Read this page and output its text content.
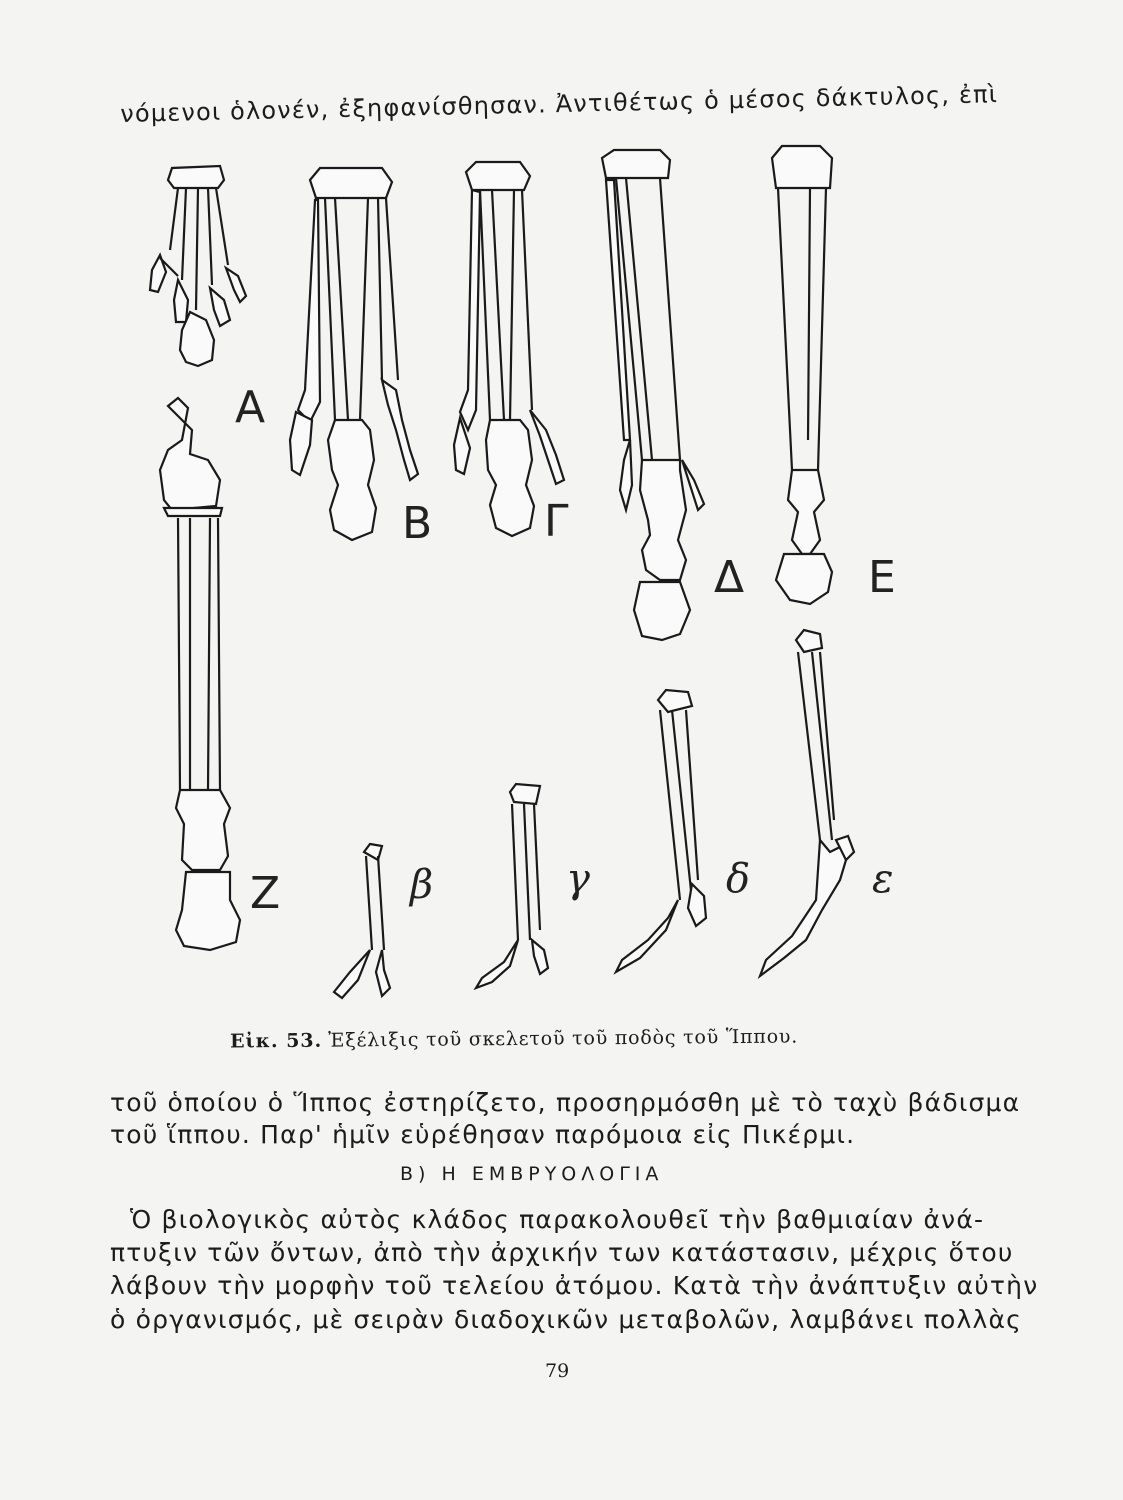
νόμενοι ὁλονέν, ἐξηφανίσθησαν. Ἀντιθέτως ὁ μέσος δάκτυλος, ἐπὶ
Α
Β	Γ
Δ	Ε
Ζ	β	γ	δ	ε
Εἰκ. 53. Ἐξέλιξις τοῦ σκελετοῦ τοῦ ποδὸς τοῦ Ἵππου.
τοῦ ὁποίου ὁ Ἵππος ἐστηρίζετο, προσηρμόσθη μὲ τὸ ταχὺ βάδισμα
τοῦ ἵππου. Παρ' ἡμῖν εὑρέθησαν παρόμοια εἰς Πικέρμι.
Β) Η ΕΜΒΡΥΟΛΟΓΙΑ
Ὁ βιολογικὸς αὐτὸς κλάδος παρακολουθεῖ τὴν βαθμιαίαν ἀνά-
πτυξιν τῶν ὄντων, ἀπὸ τὴν ἀρχικήν των κατάστασιν, μέχρις ὅτου
λάβουν τὴν μορφὴν τοῦ τελείου ἀτόμου. Κατὰ τὴν ἀνάπτυξιν αὐτὴν
ὁ ὀργανισμός, μὲ σειρὰν διαδοχικῶν μεταβολῶν, λαμβάνει πολλὰς
79
